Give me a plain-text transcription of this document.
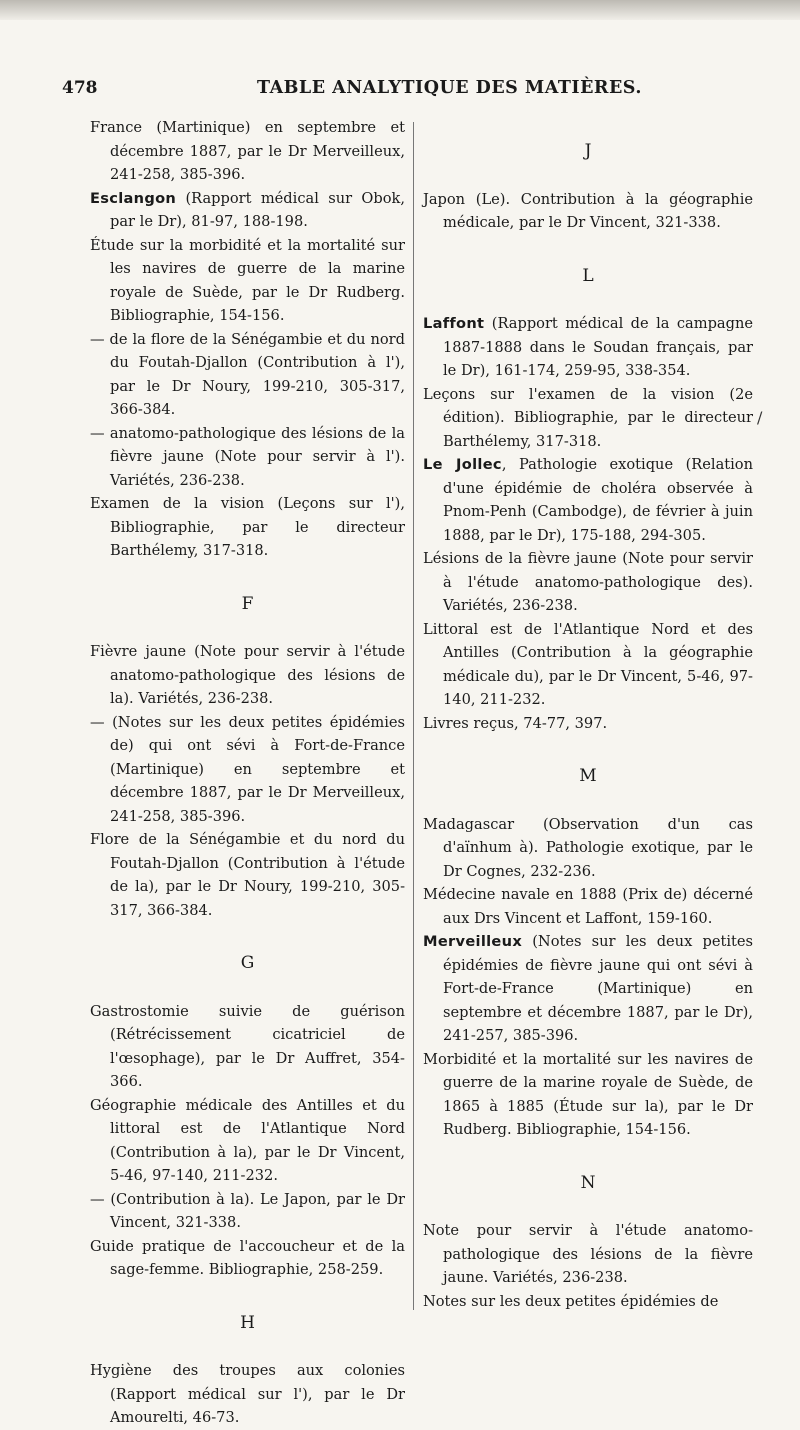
478	TABLE ANALYTIQUE DES MATIÈRES.
/

France (Martinique) en septembre et décembre 1887, par le Dr Merveilleux, 241-258, 385-396.

Esclangon (Rapport médical sur Obok, par le Dr), 81-97, 188-198.

Étude sur la morbidité et la mortalité sur les navires de guerre de la marine royale de Suède, par le Dr Rudberg. Bibliographie, 154-156.

— de la flore de la Sénégambie et du nord du Foutah-Djallon (Contribution à l'), par le Dr Noury, 199-210, 305-317, 366-384.

— anatomo-pathologique des lésions de la fièvre jaune (Note pour servir à l'). Variétés, 236-238.

Examen de la vision (Leçons sur l'), Bibliographie, par le directeur Barthélemy, 317-318.

F

Fièvre jaune (Note pour servir à l'étude anatomo-pathologique des lésions de la). Variétés, 236-238.

— (Notes sur les deux petites épidémies de) qui ont sévi à Fort-de-France (Martinique) en septembre et décembre 1887, par le Dr Merveilleux, 241-258, 385-396.

Flore de la Sénégambie et du nord du Foutah-Djallon (Contribution à l'étude de la), par le Dr Noury, 199-210, 305-317, 366-384.

G

Gastrostomie suivie de guérison (Rétrécissement cicatriciel de l'œsophage), par le Dr Auffret, 354-366.

Géographie médicale des Antilles et du littoral est de l'Atlantique Nord (Contribution à la), par le Dr Vincent, 5-46, 97-140, 211-232.

— (Contribution à la). Le Japon, par le Dr Vincent, 321-338.

Guide pratique de l'accoucheur et de la sage-femme. Bibliographie, 258-259.

H

Hygiène des troupes aux colonies (Rapport médical sur l'), par le Dr Amourelti, 46-73.

J

Japon (Le). Contribution à la géographie médicale, par le Dr Vincent, 321-338.

L

Laffont (Rapport médical de la campagne 1887-1888 dans le Soudan français, par le Dr), 161-174, 259-95, 338-354.

Leçons sur l'examen de la vision (2e édition). Bibliographie, par le directeur Barthélemy, 317-318.

Le Jollec, Pathologie exotique (Relation d'une épidémie de choléra observée à Pnom-Penh (Cambodge), de février à juin 1888, par le Dr), 175-188, 294-305.

Lésions de la fièvre jaune (Note pour servir à l'étude anatomo-pathologique des). Variétés, 236-238.

Littoral est de l'Atlantique Nord et des Antilles (Contribution à la géographie médicale du), par le Dr Vincent, 5-46, 97-140, 211-232.

Livres reçus, 74-77, 397.

M

Madagascar (Observation d'un cas d'aïnhum à). Pathologie exotique, par le Dr Cognes, 232-236.

Médecine navale en 1888 (Prix de) décerné aux Drs Vincent et Laffont, 159-160.

Merveilleux (Notes sur les deux petites épidémies de fièvre jaune qui ont sévi à Fort-de-France (Martinique) en septembre et décembre 1887, par le Dr), 241-257, 385-396.

Morbidité et la mortalité sur les navires de guerre de la marine royale de Suède, de 1865 à 1885 (Étude sur la), par le Dr Rudberg. Bibliographie, 154-156.

N

Note pour servir à l'étude anatomo-pathologique des lésions de la fièvre jaune. Variétés, 236-238.

Notes sur les deux petites épidémies de
